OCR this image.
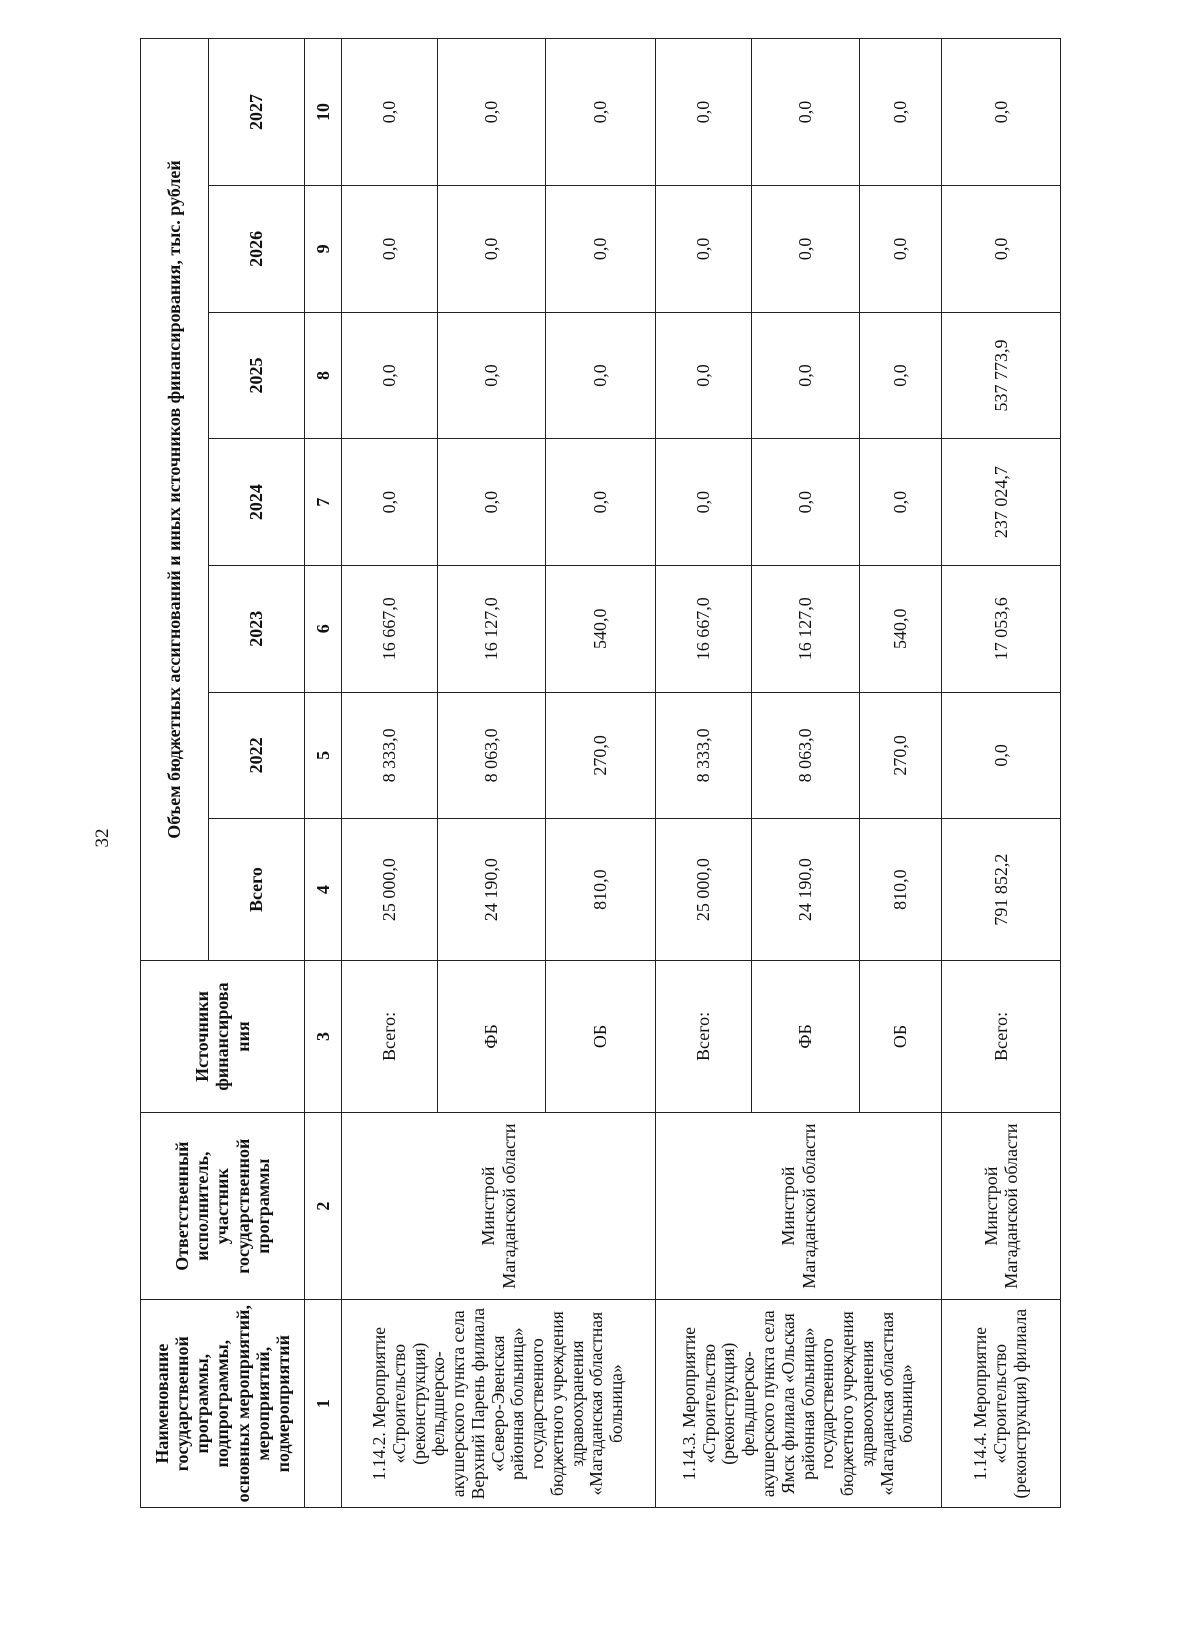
32
Наименование государственной программы, подпрограммы, основных мероприятий, мероприятий, подмероприятий	Ответственный исполнитель, участник государственной программы	Источники финансирова ния	Объем бюджетных ассигнований и иных источников финансирования, тыс. рублей						
			Всего	2022	2023	2024	2025	2026	2027
1	2	3	4	5	6	7	8	9	10
1.14.2. Мероприятие «Строительство (реконструкция) фельдшерско-акушерского пункта села Верхний Парень филиала «Северо-Эвенская районная больница» государственного бюджетного учреждения здравоохранения «Магаданская областная больница»	Минстрой Магаданской области	Всего:	25 000,0	8 333,0	16 667,0	0,0	0,0	0,0	0,0
		ФБ	24 190,0	8 063,0	16 127,0	0,0	0,0	0,0	0,0
		ОБ	810,0	270,0	540,0	0,0	0,0	0,0	0,0
1.14.3. Мероприятие «Строительство (реконструкция) фельдшерско-акушерского пункта села Ямск филиала «Ольская районная больница» государственного бюджетного учреждения здравоохранения «Магаданская областная больница»	Минстрой Магаданской области	Всего:	25 000,0	8 333,0	16 667,0	0,0	0,0	0,0	0,0
		ФБ	24 190,0	8 063,0	16 127,0	0,0	0,0	0,0	0,0
		ОБ	810,0	270,0	540,0	0,0	0,0	0,0	0,0
1.14.4. Мероприятие «Строительство (реконструкция) филиала	Минстрой Магаданской области	Всего:	791 852,2	0,0	17 053,6	237 024,7	537 773,9	0,0	0,0
